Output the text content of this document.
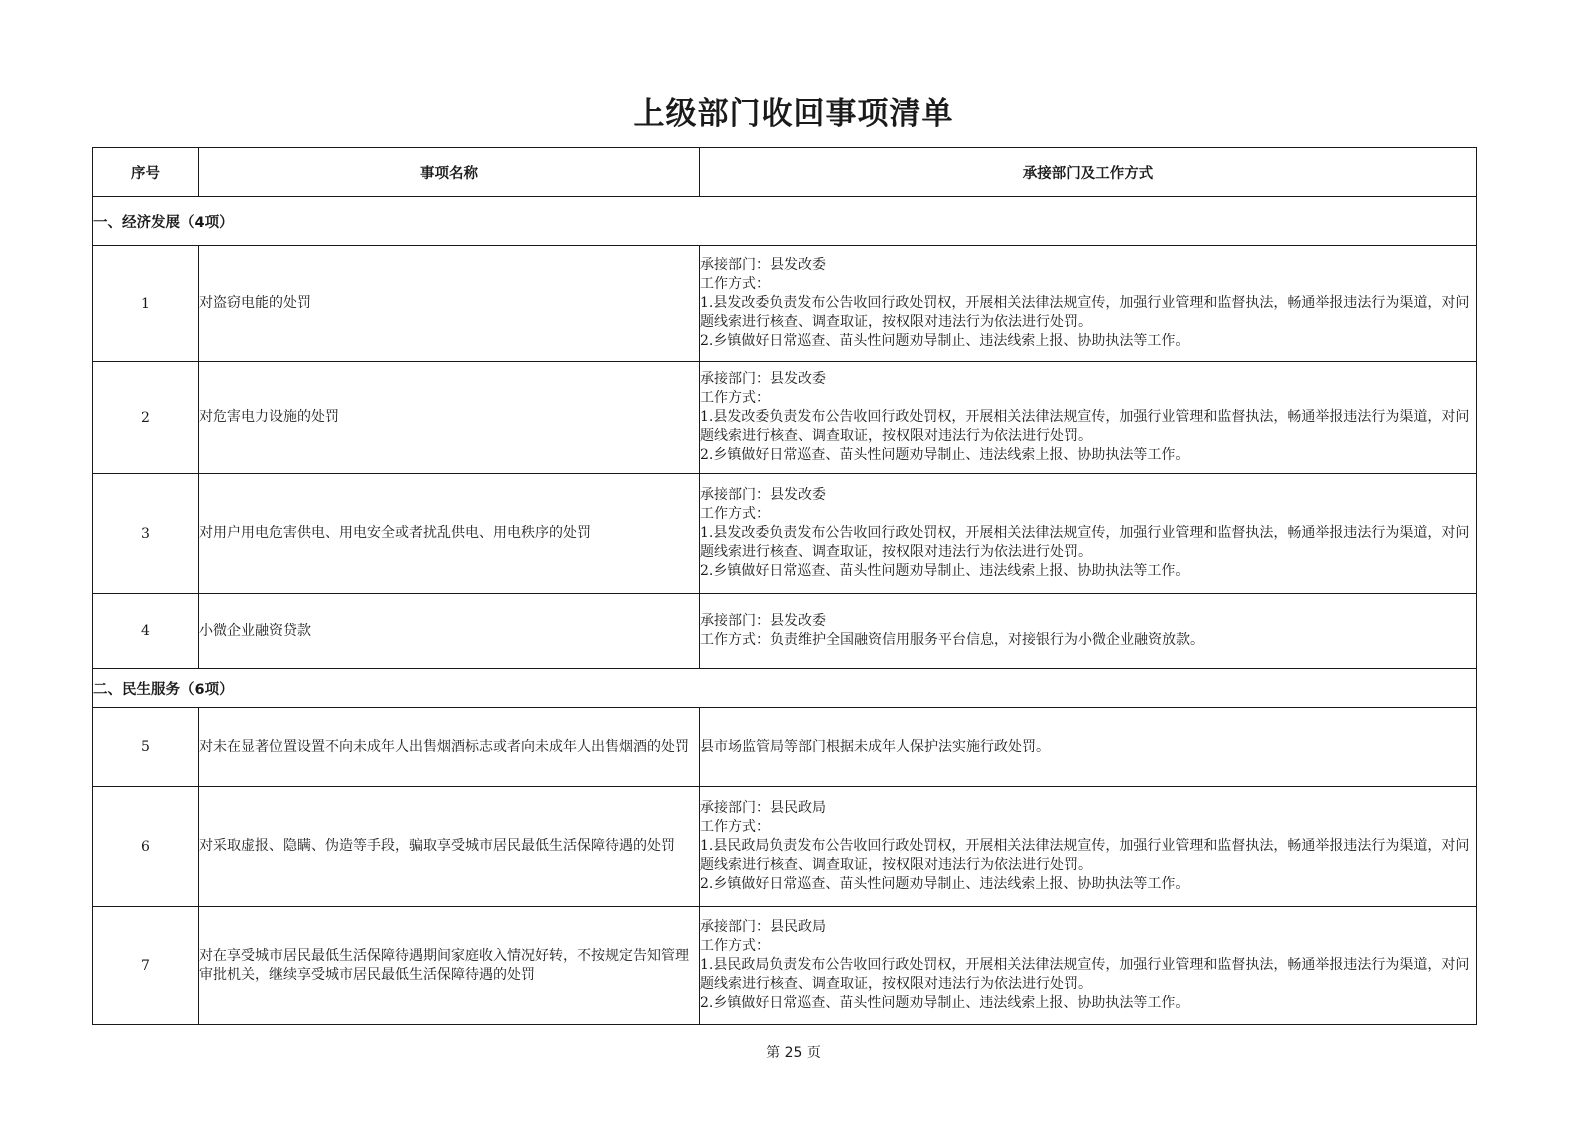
上级部门收回事项清单
序号	事项名称	承接部门及工作方式
一、经济发展（4项）		
1	对盗窃电能的处罚	承接部门：县发改委
工作方式：
1.县发改委负责发布公告收回行政处罚权，开展相关法律法规宣传，加强行业管理和监督执法，畅通举报违法行为渠道，对问题线索进行核查、调查取证，按权限对违法行为依法进行处罚。
2.乡镇做好日常巡查、苗头性问题劝导制止、违法线索上报、协助执法等工作。

2	对危害电力设施的处罚	承接部门：县发改委
工作方式：
1.县发改委负责发布公告收回行政处罚权，开展相关法律法规宣传，加强行业管理和监督执法，畅通举报违法行为渠道，对问题线索进行核查、调查取证，按权限对违法行为依法进行处罚。
2.乡镇做好日常巡查、苗头性问题劝导制止、违法线索上报、协助执法等工作。

3	对用户用电危害供电、用电安全或者扰乱供电、用电秩序的处罚	承接部门：县发改委
工作方式：
1.县发改委负责发布公告收回行政处罚权，开展相关法律法规宣传，加强行业管理和监督执法，畅通举报违法行为渠道，对问题线索进行核查、调查取证，按权限对违法行为依法进行处罚。
2.乡镇做好日常巡查、苗头性问题劝导制止、违法线索上报、协助执法等工作。

4	小微企业融资贷款	承接部门：县发改委
工作方式：负责维护全国融资信用服务平台信息，对接银行为小微企业融资放款。

二、民生服务（6项）		
5	对未在显著位置设置不向未成年人出售烟酒标志或者向未成年人出售烟酒的处罚	县市场监管局等部门根据未成年人保护法实施行政处罚。

6	对采取虚报、隐瞒、伪造等手段，骗取享受城市居民最低生活保障待遇的处罚	承接部门：县民政局
工作方式：
1.县民政局负责发布公告收回行政处罚权，开展相关法律法规宣传，加强行业管理和监督执法，畅通举报违法行为渠道，对问题线索进行核查、调查取证，按权限对违法行为依法进行处罚。
2.乡镇做好日常巡查、苗头性问题劝导制止、违法线索上报、协助执法等工作。

7	对在享受城市居民最低生活保障待遇期间家庭收入情况好转，不按规定告知管理审批机关，继续享受城市居民最低生活保障待遇的处罚	承接部门：县民政局
工作方式：
1.县民政局负责发布公告收回行政处罚权，开展相关法律法规宣传，加强行业管理和监督执法，畅通举报违法行为渠道，对问题线索进行核查、调查取证，按权限对违法行为依法进行处罚。
2.乡镇做好日常巡查、苗头性问题劝导制止、违法线索上报、协助执法等工作。
第 25 页
